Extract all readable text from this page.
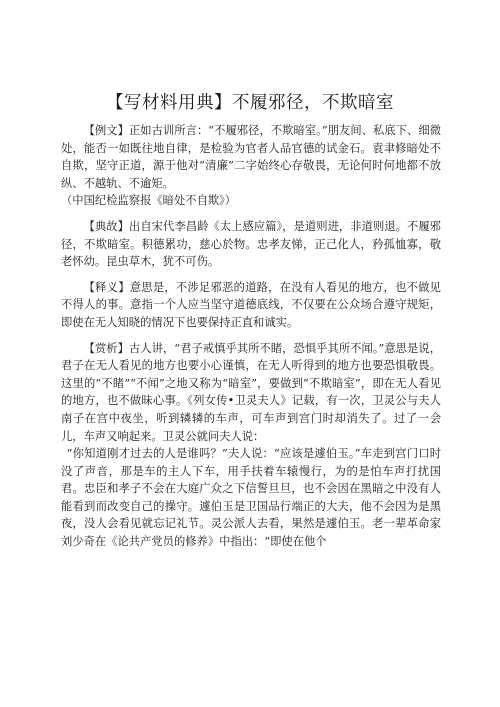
【写材料用典】不履邪径，不欺暗室

【例文】正如古训所言：“不履邪径，不欺暗室。”朋友间、私底下、细微处，能否一如既往地自律，是检验为官者人品官德的试金石。袁聿修暗处不自欺，坚守正道，源于他对“清廉”二字始终心存敬畏，无论何时何地都不放纵、不越轨、不逾矩。

（中国纪检监察报《暗处不自欺》）

【典故】出自宋代李昌龄《太上感应篇》，是道则进，非道则退。不履邪径，不欺暗室。积德累功，慈心於物。忠孝友悌，正己化人，矜孤恤寡，敬老怀幼。昆虫草木，犹不可伤。

【释义】意思是，不涉足邪恶的道路，在没有人看见的地方，也不做见不得人的事。意指一个人应当坚守道德底线，不仅要在公众场合遵守规矩，即使在无人知晓的情况下也要保持正直和诚实。

【赏析】古人讲，“君子戒慎乎其所不睹，恐惧乎其所不闻。”意思是说，君子在无人看见的地方也要小心谨慎，在无人听得到的地方也要恐惧敬畏。这里的“不睹”“不闻”之地又称为“暗室”，要做到“不欺暗室”，即在无人看见的地方，也不做昧心事。《列女传•卫灵夫人》记载，有一次，卫灵公与夫人南子在宫中夜坐，听到辚辚的车声，可车声到宫门时却消失了。过了一会儿，车声又响起来。卫灵公就问夫人说：

“你知道刚才过去的人是谁吗？”夫人说：“应该是遽伯玉。”车走到宫门口时没了声音，那是车的主人下车，用手扶着车辕慢行，为的是怕车声打扰国君。忠臣和孝子不会在大庭广众之下信誓旦旦，也不会因在黑暗之中没有人能看到而改变自己的操守。遽伯玉是卫国品行端正的大夫，他不会因为是黑夜，没人会看见就忘记礼节。灵公派人去看，果然是遽伯玉。老一辈革命家刘少奇在《论共产党员的修养》中指出：“即使在他个
